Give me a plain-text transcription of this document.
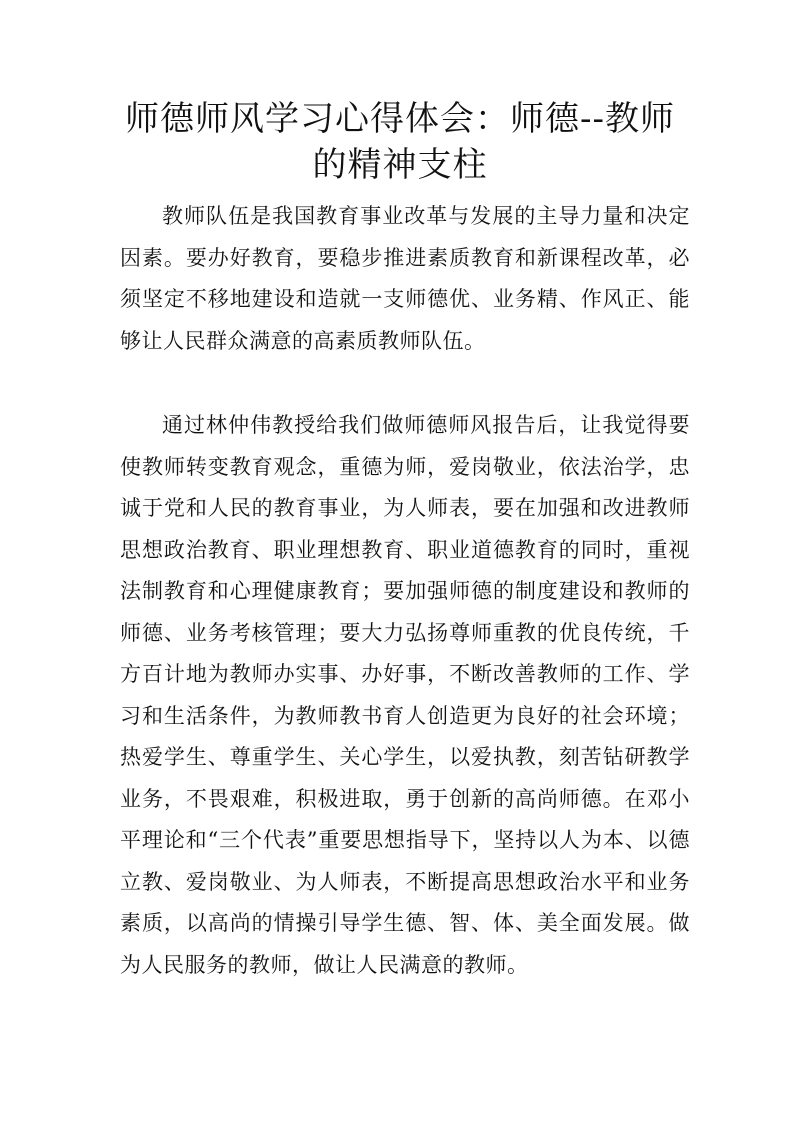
师德师风学习心得体会：师德--教师的精神支柱

教师队伍是我国教育事业改革与发展的主导力量和决定因素。要办好教育，要稳步推进素质教育和新课程改革，必须坚定不移地建设和造就一支师德优、业务精、作风正、能够让人民群众满意的高素质教师队伍。

通过林仲伟教授给我们做师德师风报告后，让我觉得要使教师转变教育观念，重德为师，爱岗敬业，依法治学，忠诚于党和人民的教育事业，为人师表，要在加强和改进教师思想政治教育、职业理想教育、职业道德教育的同时，重视法制教育和心理健康教育；要加强师德的制度建设和教师的师德、业务考核管理；要大力弘扬尊师重教的优良传统，千方百计地为教师办实事、办好事，不断改善教师的工作、学习和生活条件，为教师教书育人创造更为良好的社会环境；热爱学生、尊重学生、关心学生，以爱执教，刻苦钻研教学业务，不畏艰难，积极进取，勇于创新的高尚师德。在邓小平理论和“三个代表”重要思想指导下，坚持以人为本、以德立教、爱岗敬业、为人师表，不断提高思想政治水平和业务素质，以高尚的情操引导学生德、智、体、美全面发展。做为人民服务的教师，做让人民满意的教师。
